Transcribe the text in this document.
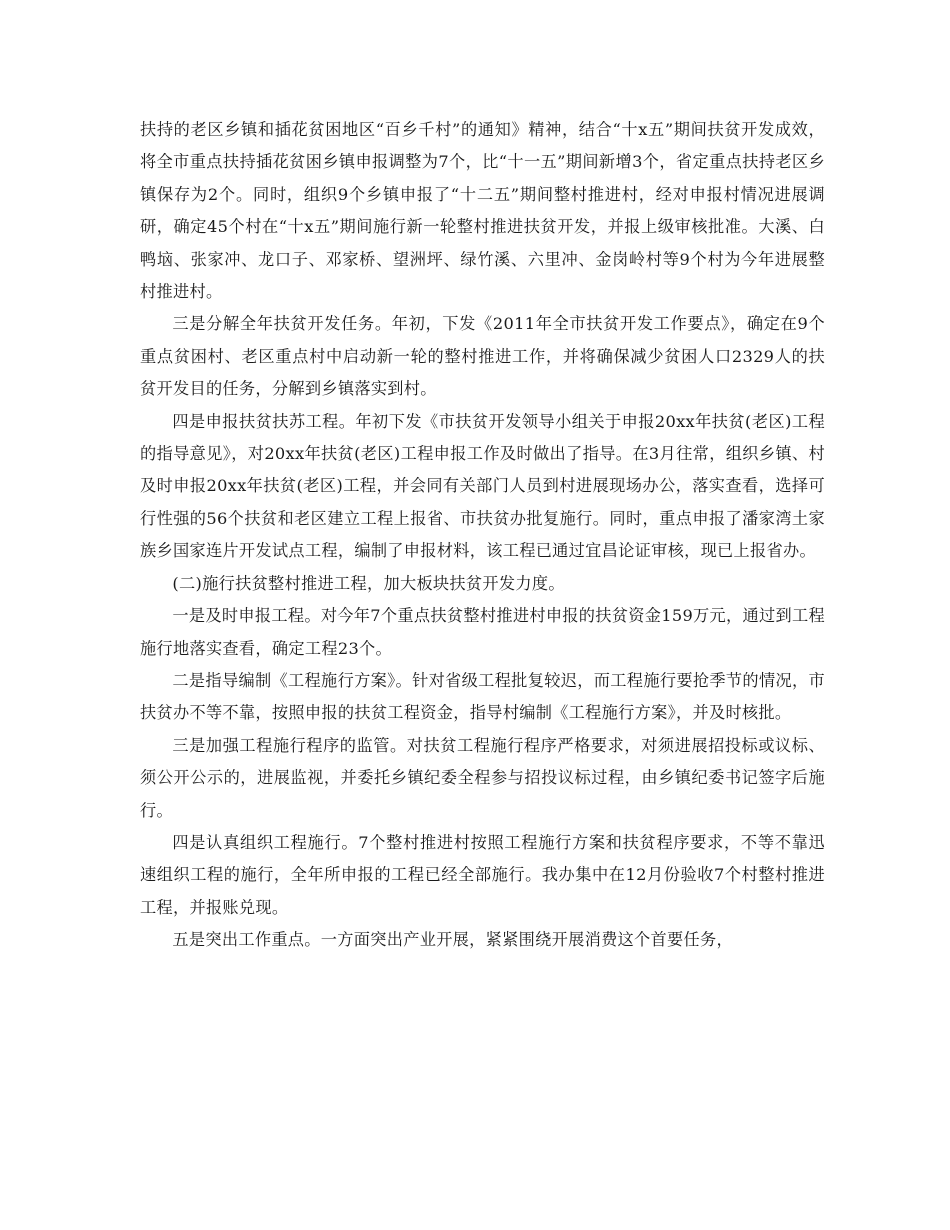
扶持的老区乡镇和插花贫困地区“百乡千村”的通知》精神，结合“十x五”期间扶贫开发成效，将全市重点扶持插花贫困乡镇申报调整为7个，比“十一五”期间新增3个，省定重点扶持老区乡镇保存为2个。同时，组织9个乡镇申报了“十二五”期间整村推进村，经对申报村情况进展调研，确定45个村在“十x五”期间施行新一轮整村推进扶贫开发，并报上级审核批准。大溪、白鸭垴、张家冲、龙口子、邓家桥、望洲坪、绿竹溪、六里冲、金岗岭村等9个村为今年进展整村推进村。

三是分解全年扶贫开发任务。年初，下发《2011年全市扶贫开发工作要点》，确定在9个重点贫困村、老区重点村中启动新一轮的整村推进工作，并将确保减少贫困人口2329人的扶贫开发目的任务，分解到乡镇落实到村。

四是申报扶贫扶苏工程。年初下发《市扶贫开发领导小组关于申报20xx年扶贫(老区)工程的指导意见》，对20xx年扶贫(老区)工程申报工作及时做出了指导。在3月往常，组织乡镇、村及时申报20xx年扶贫(老区)工程，并会同有关部门人员到村进展现场办公，落实查看，选择可行性强的56个扶贫和老区建立工程上报省、市扶贫办批复施行。同时，重点申报了潘家湾土家族乡国家连片开发试点工程，编制了申报材料，该工程已通过宜昌论证审核，现已上报省办。

(二)施行扶贫整村推进工程，加大板块扶贫开发力度。

一是及时申报工程。对今年7个重点扶贫整村推进村申报的扶贫资金159万元，通过到工程施行地落实查看，确定工程23个。

二是指导编制《工程施行方案》。针对省级工程批复较迟，而工程施行要抢季节的情况，市扶贫办不等不靠，按照申报的扶贫工程资金，指导村编制《工程施行方案》，并及时核批。

三是加强工程施行程序的监管。对扶贫工程施行程序严格要求，对须进展招投标或议标、须公开公示的，进展监视，并委托乡镇纪委全程参与招投议标过程，由乡镇纪委书记签字后施行。

四是认真组织工程施行。7个整村推进村按照工程施行方案和扶贫程序要求，不等不靠迅速组织工程的施行，全年所申报的工程已经全部施行。我办集中在12月份验收7个村整村推进工程，并报账兑现。

五是突出工作重点。一方面突出产业开展，紧紧围绕开展消费这个首要任务，
